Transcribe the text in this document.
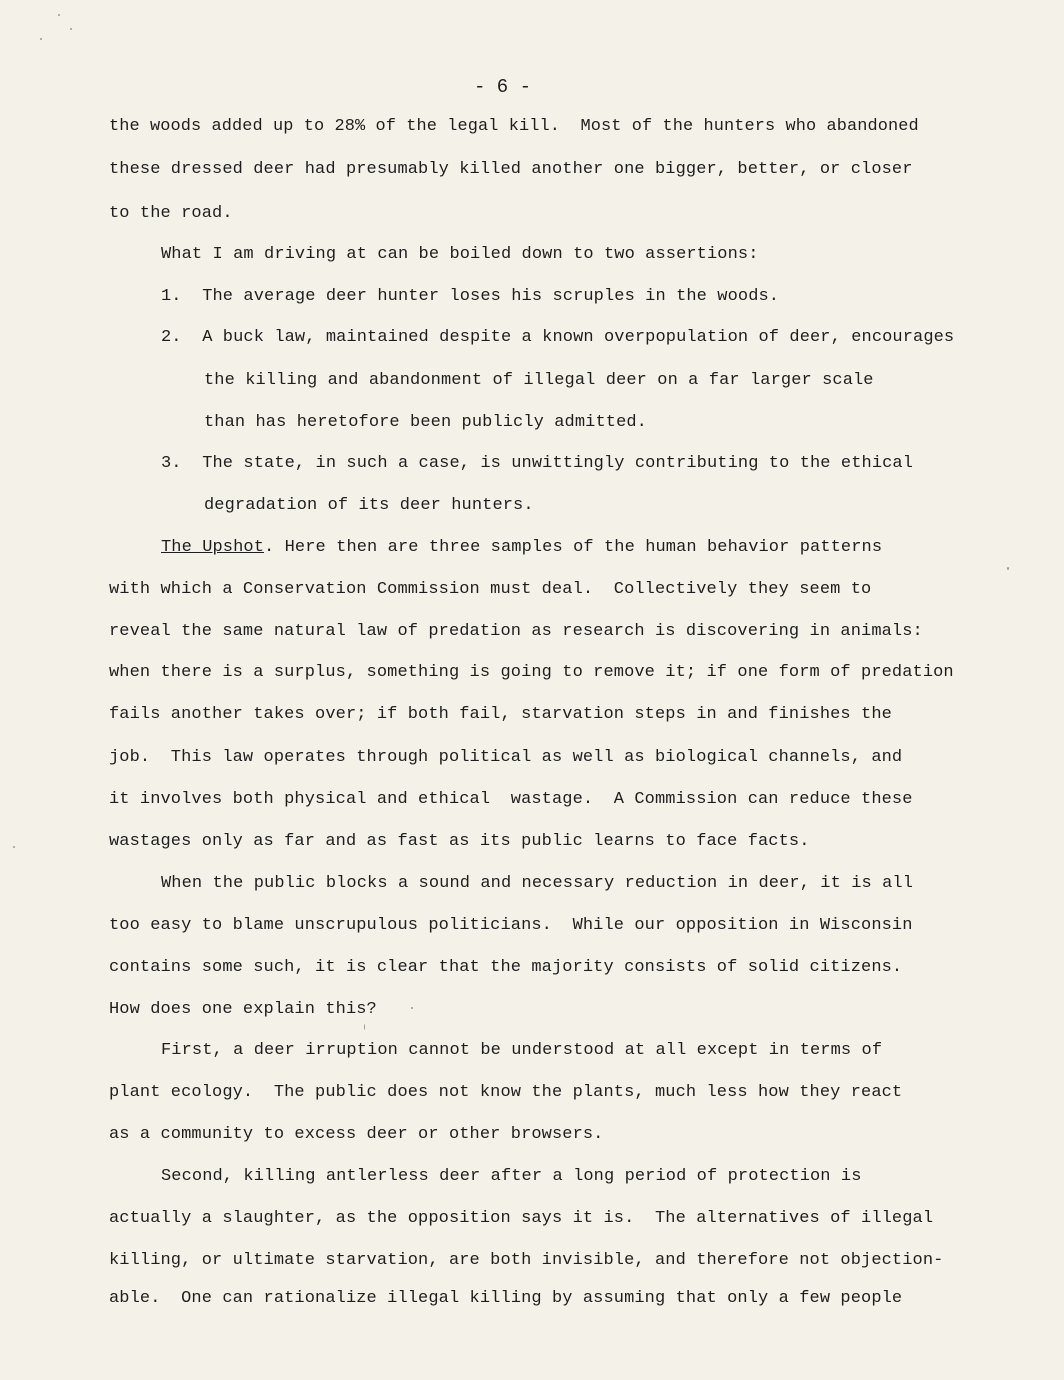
- 6 -
the woods added up to 28% of the legal kill.  Most of the hunters who abandoned
these dressed deer had presumably killed another one bigger, better, or closer
to the road.
What I am driving at can be boiled down to two assertions:
1.  The average deer hunter loses his scruples in the woods.
2.  A buck law, maintained despite a known overpopulation of deer, encourages
the killing and abandonment of illegal deer on a far larger scale
than has heretofore been publicly admitted.
3.  The state, in such a case, is unwittingly contributing to the ethical
degradation of its deer hunters.
The Upshot. Here then are three samples of the human behavior patterns
with which a Conservation Commission must deal.  Collectively they seem to
reveal the same natural law of predation as research is discovering in animals:
when there is a surplus, something is going to remove it; if one form of predation
fails another takes over; if both fail, starvation steps in and finishes the
job.  This law operates through political as well as biological channels, and
it involves both physical and ethical  wastage.  A Commission can reduce these
wastages only as far and as fast as its public learns to face facts.
When the public blocks a sound and necessary reduction in deer, it is all
too easy to blame unscrupulous politicians.  While our opposition in Wisconsin
contains some such, it is clear that the majority consists of solid citizens.
How does one explain this?
First, a deer irruption cannot be understood at all except in terms of
plant ecology.  The public does not know the plants, much less how they react
as a community to excess deer or other browsers.
Second, killing antlerless deer after a long period of protection is
actually a slaughter, as the opposition says it is.  The alternatives of illegal
killing, or ultimate starvation, are both invisible, and therefore not objection-
able.  One can rationalize illegal killing by assuming that only a few people
